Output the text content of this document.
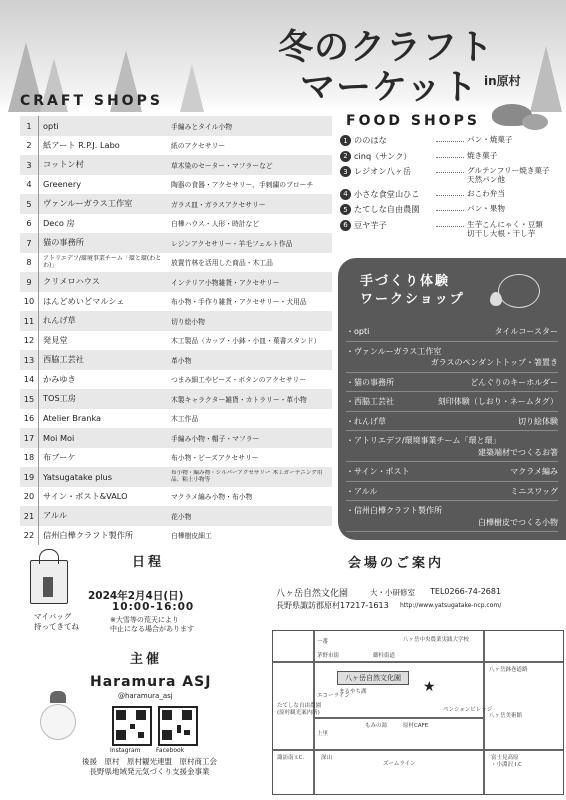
冬のクラフト
マーケット in原村
CRAFT SHOPS
1	opti	手編みとタイル小物
2	紙アート R.P.J. Labo	紙のアクセサリー
3	コットン村	草木染のセーター・マフラーなど
4	Greenery	陶器の食器・アクセサリー、手刺繍のブローチ
5	ヴァンルーガラス工作室	ガラス皿・ガラスアクセサリー
6	Deco 房	白樺ハウス・人形・時計など
7	猫の事務所	レジンアクセサリー・羊毛フェルト作品
8	アトリエデフ/環境事業チーム「環と環(わとわ)」	放置竹林を活用した商品・木工品
9	クリメロハウス	インテリア小物雑貨・アクセサリー
10	はんどめいどマルシェ	布小物・手作り雑貨・アクセサリー・犬用品
11	れんげ草	切り絵小物
12	発見堂	木工製品（カップ・小鉢・小皿・菓書スタンド）
13	西脇工芸社	革小物
14	かみゆき	つまみ細工やビーズ・ボタンのアクセサリー
15	TOS工房	木製キャラクター雑貨・カトラリー・革小物
16	Atelier Branka	木工作品
17	Moi Moi	手編み小物・帽子・マフラー
18	布ブーケ	布小物・ビーズアクセサリー
19	Yatsugatake plus	布小物・編み物・シルバーアクセサリー 木工ガーデニング用品、粘土小物等
20	サイン・ポスト&VALO	マクラメ編み小物・布小物
21	アルル	花小物
22	信州白樺クラフト製作所	白樺樹皮細工
FOOD SHOPS
1 ののはな	パン・焼菓子
2 cinq（サンク）	焼き菓子
3 レジオン八ヶ岳	グルテンフリー焼き菓子
天然パン他
4 小さな食堂山ひこ	おこわ弁当
5 たてしな自由農園	パン・果物
6 豆ヤ芋子	生芋こんにゃく・豆類
切干し大根・干し芋
手づくり体験
ワークショップ
・opti	タイルコースター
・ヴァンルーガラス工作室
ガラスのペンダントトップ・箸置き
・猫の事務所	どんぐりのキーホルダー
・西脇工芸社	刻印体験（しおり・ネームタグ）
・れんげ草	切り絵体験
・アトリエデフ/環境事業チーム「環と環」
建築端材でつくるお箸
・サイン・ポスト	マクラメ編み
・アルル	ミニスワッグ
・信州白樺クラフト製作所
白樺樹皮でつくる小物
日程
マイバッグ
持ってきてね
2024年2月4日(日)
10:00-16:00
※大雪等の荒天により
中止になる場合があります
主催
Haramura ASJ
@haramura_asj
Instagram	Facebook
後援　原村　原村観光連盟　原村商工会
長野県地域発元気づくり支援金事業
会場のご案内
八ヶ岳自然文化園	大・小研修室 TEL0266-74-2681
長野県諏訪郡原村17217-1613 http://www.yatsugatake-ncp.com/
八ヶ岳自然文化園
★
茅野市街
一番
御柱街道
八ヶ岳中央農業実践大学校
八ヶ岳鉢巻道路
まるやち湖
エコーライン
たてしな自由農園
(原村観光案内所)
もみの湯	原村CAFE
ペンションビレッジ
八ヶ岳美術館
上里
諏訪南 I.C.	深山
ズームライン
富士見高原
・小淵沢 I.C
